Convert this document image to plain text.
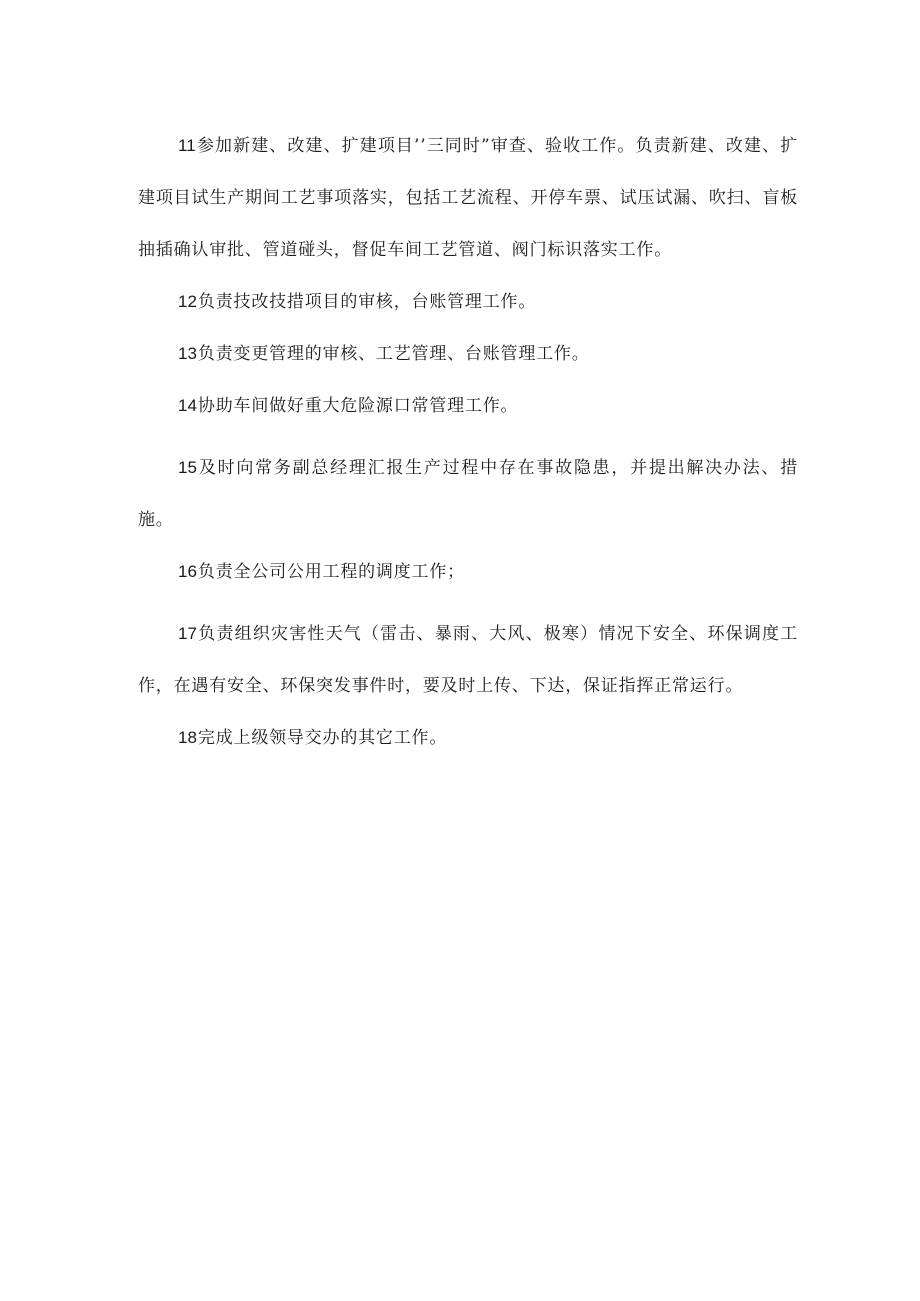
11参加新建、改建、扩建项目’’三同时”审查、验收工作。负责新建、改建、扩建项目试生产期间工艺事项落实，包括工艺流程、开停车票、试压试漏、吹扫、盲板抽插确认审批、管道碰头，督促车间工艺管道、阀门标识落实工作。

12负责技改技措项目的审核，台账管理工作。

13负责变更管理的审核、工艺管理、台账管理工作。

14协助车间做好重大危险源口常管理工作。

15及时向常务副总经理汇报生产过程中存在事故隐患，并提出解决办法、措施。

16负责全公司公用工程的调度工作；

17负责组织灾害性天气（雷击、暴雨、大风、极寒）情况下安全、环保调度工作，在遇有安全、环保突发事件时，要及时上传、下达，保证指挥正常运行。

18完成上级领导交办的其它工作。
